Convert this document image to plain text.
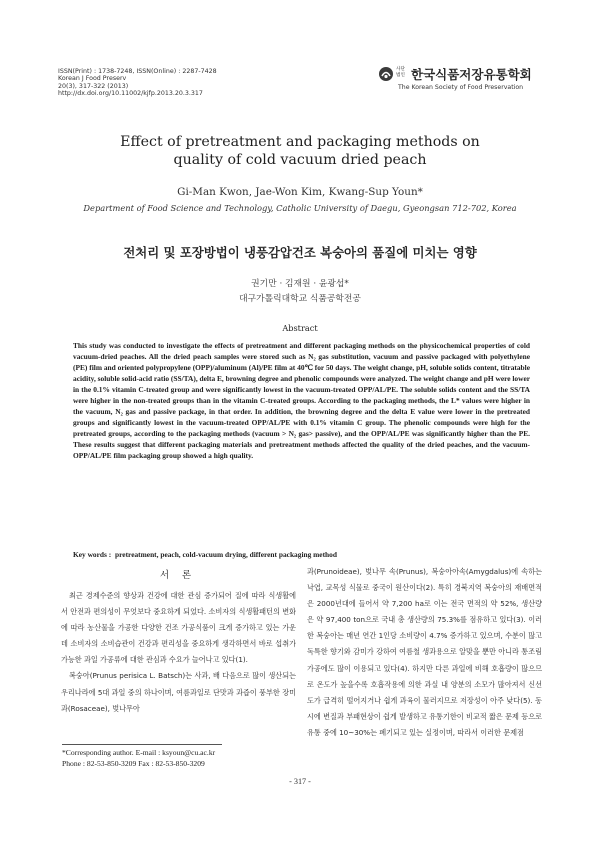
ISSN(Print) : 1738-7248, ISSN(Online) : 2287-7428
Korean J Food Preserv
20(3), 317-322 (2013)
http://dx.doi.org/10.11002/kjfp.2013.20.3.317
사단
법인 한국식품저장유통학회
The Korean Society of Food Preservation
Effect of pretreatment and packaging methods on
quality of cold vacuum dried peach
Gi-Man Kwon, Jae-Won Kim, Kwang-Sup Youn*
Department of Food Science and Technology, Catholic University of Daegu, Gyeongsan 712-702, Korea
전처리 및 포장방법이 냉풍감압건조 복숭아의 품질에 미치는 영향
권기만 · 김재원 · 윤광섭*
대구가톨릭대학교 식품공학전공
Abstract
This study was conducted to investigate the effects of pretreatment and different packaging methods on the physicochemical properties of cold vacuum-dried peaches. All the dried peach samples were stored such as N₂ gas substitution, vacuum and passive packaged with polyethylene (PE) film and oriented polypropylene (OPP)/aluminum (Al)/PE film at 40℃ for 50 days. The weight change, pH, soluble solids content, titratable acidity, soluble solid-acid ratio (SS/TA), delta E, browning degree and phenolic compounds were analyzed. The weight change and pH were lower in the 0.1% vitamin C-treated group and were significantly lowest in the vacuum-treated OPP/AL/PE. The soluble solids content and the SS/TA were higher in the non-treated groups than in the vitamin C-treated groups. According to the packaging methods, the L* values were higher in the vacuum, N₂ gas and passive package, in that order. In addition, the browning degree and the delta E value were lower in the pretreated groups and significantly lowest in the vacuum-treated OPP/AL/PE with 0.1% vitamin C group. The phenolic compounds were high for the pretreated groups, according to the packaging methods (vacuum > N₂ gas> passive), and the OPP/AL/PE was significantly higher than the PE. These results suggest that different packaging materials and pretreatment methods affected the quality of the dried peaches, and the vacuum- OPP/AL/PE film packaging group showed a high quality.
Key words : pretreatment, peach, cold-vacuum drying, different packaging method
서 론

최근 경제수준의 향상과 건강에 대한 관심 증가되어 질에 따라 식생활에서 안전과 편의성이 무엇보다 중요하게 되었다. 소비자의 식생활패턴의 변화에 따라 농산물을 가공한 다양한 건조 가공식품이 크게 증가하고 있는 가운데 소비자의 소비습관이 건강과 편리성을 중요하게 생각하면서 바로 섭취가 가능한 과일 가공류에 대한 관심과 수요가 늘어나고 있다(1).

복숭아(Prunus perisica L. Batsch)는 사과, 배 다음으로 많이 생산되는 우리나라에 5대 과일 중의 하나이며, 여름과일로 단맛과 과즙이 풍부한 장미과(Rosaceae), 벚나무아

과(Prunoideae), 벚나무 속(Prunus), 복숭아아속(Amygdalus)에 속하는 낙엽, 교목성 식물로 중국이 원산이다(2). 특히 경북지역 복숭아의 재배면적은 2000년대에 들어서 약 7,200 ha로 이는 전국 면적의 약 52%, 생산량은 약 97,400 ton으로 국내 총 생산량의 75.3%를 점유하고 있다(3). 이러한 복숭아는 매년 연간 1인당 소비량이 4.7% 증가하고 있으며, 수분이 많고 독특한 향기와 감미가 강하여 여름철 생과용으로 알맞을 뿐만 아니라 통조림 가공에도 많이 이용되고 있다(4). 하지만 다른 과일에 비해 호흡량이 많으므로 온도가 높을수록 호흡작용에 의한 과실 내 양분의 소모가 많아져서 신선도가 급격히 떨어지거나 쉽게 과육이 물러지므로 저장성이 아주 낮다(5). 동시에 변질과 부패현상이 쉽게 발생하고 유통기한이 비교적 짧은 문제 등으로 유통 중에 10~30%는 폐기되고 있는 실정이며, 따라서 이러한 문제점

*Corresponding author. E-mail : ksyoun@cu.ac.kr
Phone : 82-53-850-3209 Fax : 82-53-850-3209
- 317 -
